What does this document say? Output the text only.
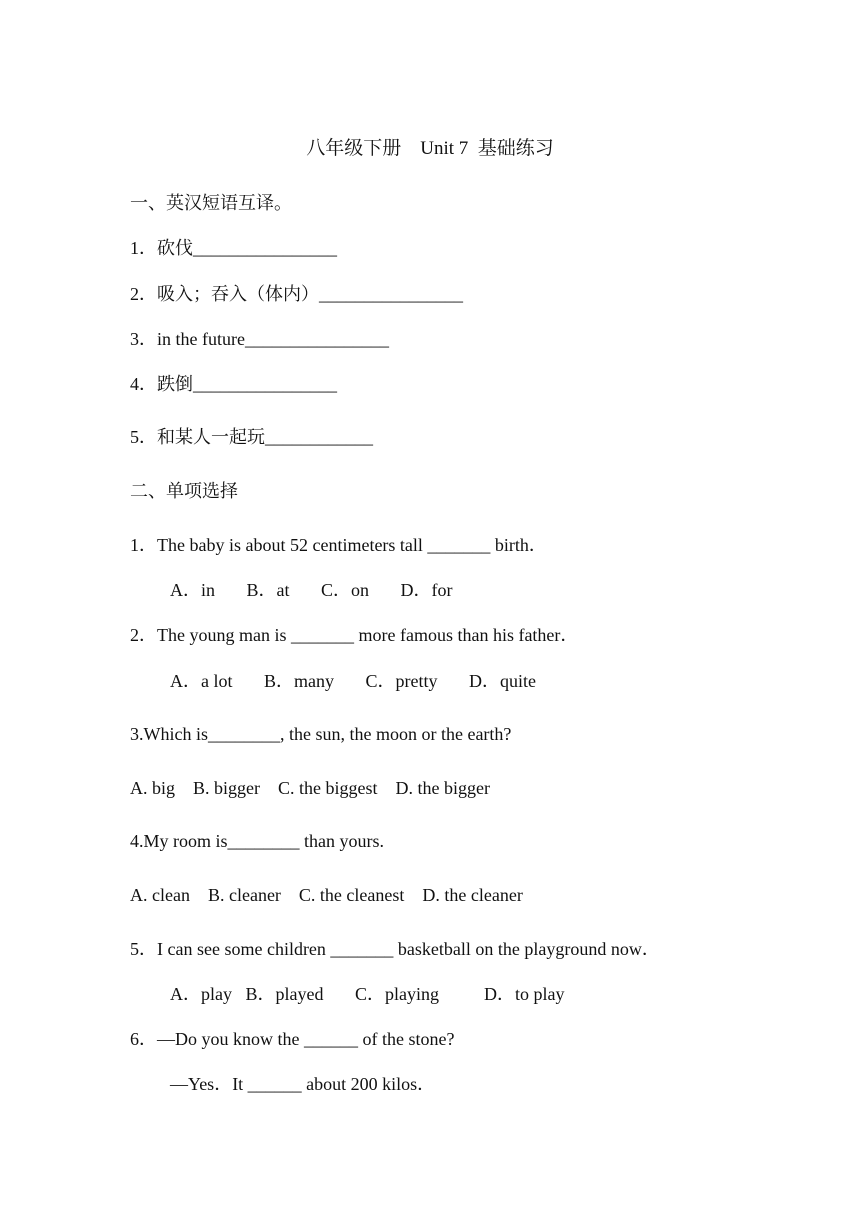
八年级下册　Unit 7  基础练习
一、英汉短语互译。
1．砍伐________________
2．吸入；吞入（体内）________________
3．in the future________________
4．跌倒________________
5．和某人一起玩____________
二、单项选择
1．The baby is about 52 centimeters tall _______ birth．
A．in       B．at       C．on       D．for
2．The young man is _______ more famous than his father．
A．a lot       B．many       C．pretty       D．quite
3.Which is________, the sun, the moon or the earth?
A. big    B. bigger    C. the biggest    D. the bigger
4.My room is________ than yours.
A. clean    B. cleaner    C. the cleanest    D. the cleaner
5．I can see some children _______ basketball on the playground now．
A．play   B．played       C．playing          D．to play
6．—Do you know the ______ of the stone?
—Yes．It ______ about 200 kilos．
